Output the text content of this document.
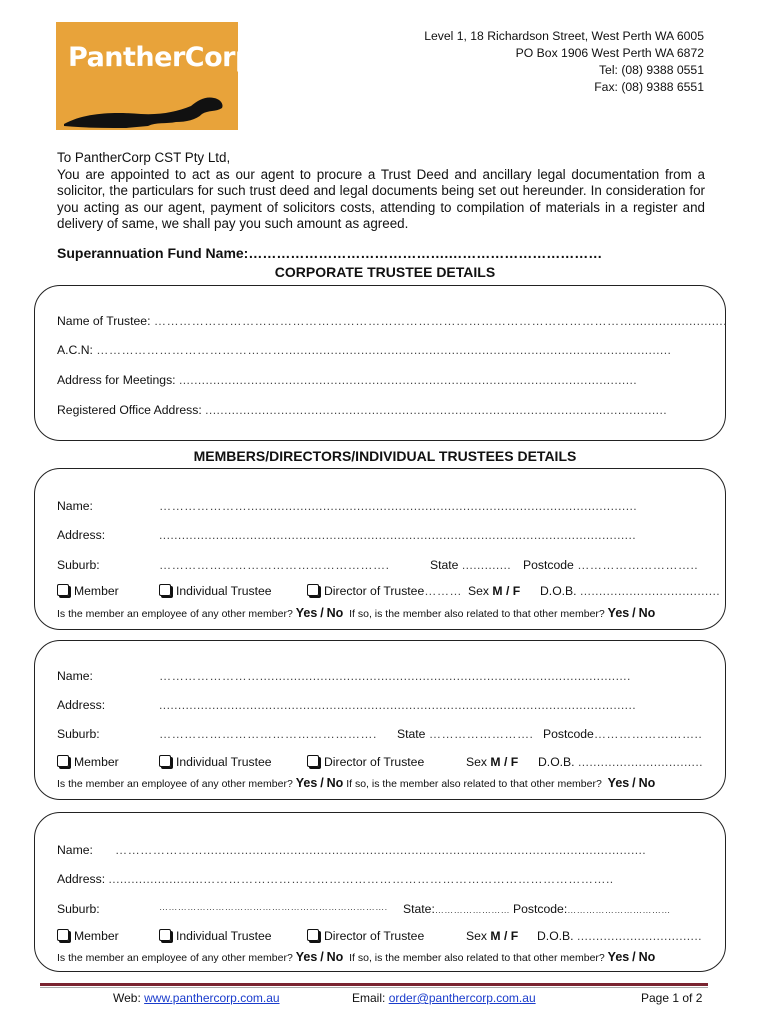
PantherCorp
Level 1, 18 Richardson Street, West Perth WA 6005
PO Box 1906 West Perth WA 6872
Tel: (08) 9388 0551
Fax: (08) 9388 6551

To PantherCorp CST Pty Ltd,

You are appointed to act as our agent to procure a Trust Deed and ancillary legal documentation from a solicitor, the particulars for such trust deed and legal documents being set out hereunder. In consideration for you acting as our agent, payment of solicitors costs, attending to compilation of materials in a register and delivery of same, we shall pay you such amount as agreed.

Superannuation Fund Name:…………………………………….……………………………
CORPORATE TRUSTEE DETAILS
Name of Trustee: …………………………………………………………………………………………………….........................
A.C.N: ………………………………………......................................................................................................
Address for Meetings: .........................................................................................................................
Registered Office Address: ..........................................................................................................................
MEMBERS/DIRECTORS/INDIVIDUAL TRUSTEES DETAILS
Name:	………………….......................................................................................................
Address:	..............................................................................................................................
Suburb:	……………………………………………….	State ............. Postcode ………………………..
Member	Individual Trustee	Director of Trustee……… Sex M / F D.O.B. .....................................
Is the member an employee of any other member? Yes / No If so, is the member also related to that other member? Yes / No
Name:	……………………..................................................................................................
Address:	..............................................................................................................................
Suburb:	……………………………………………. State ……………………. Postcode……………………..
Member	Individual Trustee	Director of Trustee	Sex M / F D.O.B. .................................
Is the member an employee of any other member? Yes / No If so, is the member also related to that other member? Yes / No
Name: ………………….....................................................................................................................
Address: .........................……………………………………………………………………………………..
Suburb:	………………………………………………………………. State:…………………… Postcode:……………………………
Member	Individual Trustee	Director of Trustee	Sex M / F D.O.B. .................................
Is the member an employee of any other member? Yes / No If so, is the member also related to that other member? Yes / No
Web: www.panthercorp.com.au	Email: order@panthercorp.com.au	Page 1 of 2
